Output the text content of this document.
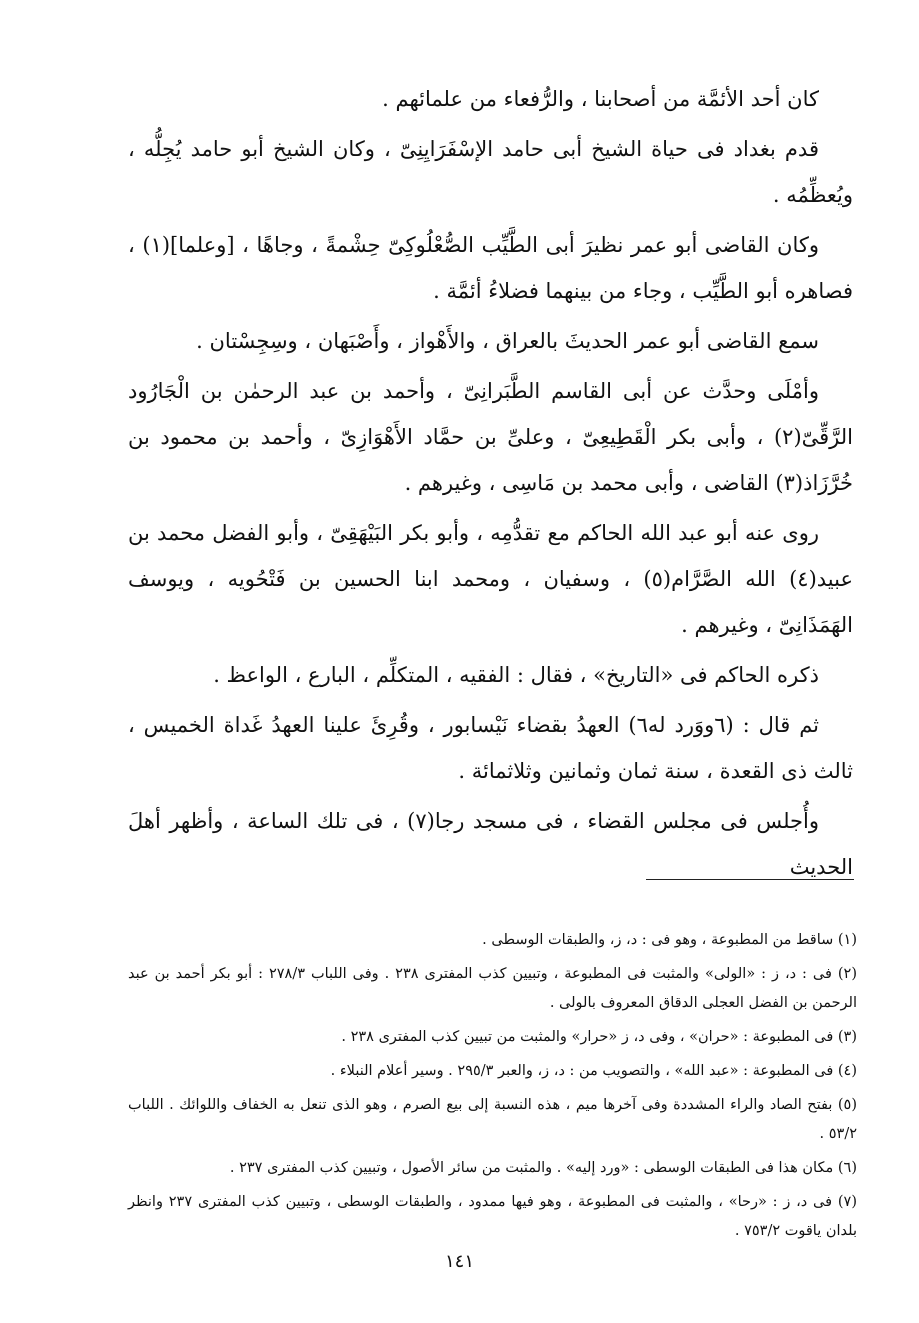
كان أحد الأئمَّة من أصحابنا ، والرُّفعاء من علمائهم .

قدم بغداد فى حياة الشيخ أبى حامد الإسْفَرَايِنِىّ ، وكان الشيخ أبو حامد يُجِلُّه ، ويُعظِّمُه .

وكان القاضى أبو عمر نظيرَ أبى الطَّيِّب الصُّعْلُوكِىّ حِشْمةً ، وجاهًا ، [وعلما](١) ، فصاهره أبو الطَّيِّب ، وجاء من بينهما فضلاءُ أئمَّة .

سمع القاضى أبو عمر الحديثَ بالعراق ، والأَهْواز ، وأَصْبَهان ، وسِجِسْتان .

وأمْلَى وحدَّث عن أبى القاسم الطَّبَرانِىّ ، وأحمد بن عبد الرحمٰن بن الْجَارُود الرَّقِّىّ(٢) ، وأبى بكر الْقَطِيعِىّ ، وعلىِّ بن حمَّاد الأَهْوَازِىّ ، وأحمد بن محمود بن خُرَّزَاذ(٣) القاضى ، وأبى محمد بن مَاسِى ، وغيرهم .

روى عنه أبو عبد الله الحاكم مع تقدُّمِه ، وأبو بكر البَيْهَقِىّ ، وأبو الفضل محمد بن عبيد(٤) الله الصَّرَّام(٥) ، وسفيان ، ومحمد ابنا الحسين بن فَتْحُويه ، ويوسف الهَمَذَانِىّ ، وغيرهم .

ذكره الحاكم فى «التاريخ» ، فقال : الفقيه ، المتكلِّم ، البارع ، الواعظ .

ثم قال : (٦ووَرد له٦) العهدُ بقضاء نَيْسابور ، وقُرِئَ علينا العهدُ غَداة الخميس ، ثالث ذى القعدة ، سنة ثمان وثمانين وثلاثمائة .

وأُجلس فى مجلس القضاء ، فى مسجد رجا(٧) ، فى تلك الساعة ، وأظهر أهلَ الحديث

(١) ساقط من المطبوعة ، وهو فى : د، ز، والطبقات الوسطى .
(٢) فى : د، ز : «الولى» والمثبت فى المطبوعة ، وتبيين كذب المفترى ٢٣٨ . وفى اللباب ٢٧٨/٣ : أبو بكر أحمد بن عبد الرحمن بن الفضل العجلى الدقاق المعروف بالولى .
(٣) فى المطبوعة : «حران» ، وفى د، ز «حرار» والمثبت من تبيين كذب المفترى ٢٣٨ .
(٤) فى المطبوعة : «عبد الله» ، والتصويب من : د، ز، والعبر ٢٩٥/٣ . وسير أعلام النبلاء .
(٥) بفتح الصاد والراء المشددة وفى آخرها ميم ، هذه النسبة إلى بيع الصرم ، وهو الذى تنعل به الخفاف واللوائك . اللباب ٥٣/٢ .
(٦) مكان هذا فى الطبقات الوسطى : «ورد إليه» . والمثبت من سائر الأصول ، وتبيين كذب المفترى ٢٣٧ .
(٧) فى د، ز : «رحا» ، والمثبت فى المطبوعة ، وهو فيها ممدود ، والطبقات الوسطى ، وتبيين كذب المفترى ٢٣٧ وانظر بلدان ياقوت ٧٥٣/٢ .
١٤١
